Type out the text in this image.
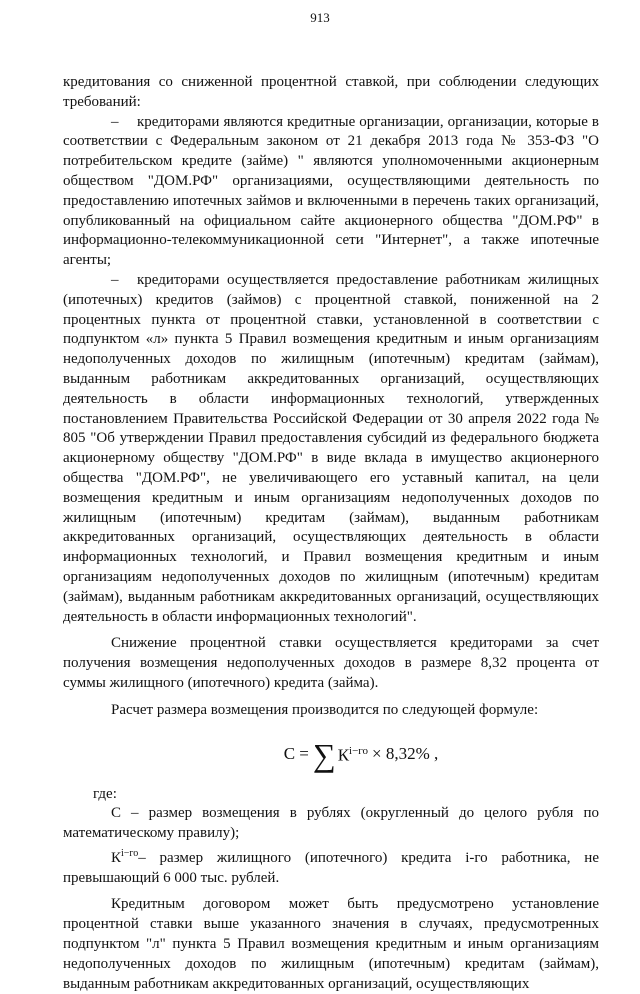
913

кредитования со сниженной процентной ставкой, при соблюдении следующих требований:

– кредиторами являются кредитные организации, организации, которые в соответствии с Федеральным законом от 21 декабря 2013 года № 353-ФЗ "О потребительском кредите (займе) " являются уполномоченными акционерным обществом "ДОМ.РФ" организациями, осуществляющими деятельность по предоставлению ипотечных займов и включенными в перечень таких организаций, опубликованный на официальном сайте акционерного общества "ДОМ.РФ" в информационно-телекоммуникационной сети "Интернет", а также ипотечные агенты;

– кредиторами осуществляется предоставление работникам жилищных (ипотечных) кредитов (займов) с процентной ставкой, пониженной на 2 процентных пункта от процентной ставки, установленной в соответствии с подпунктом «л» пункта 5 Правил возмещения кредитным и иным организациям недополученных доходов по жилищным (ипотечным) кредитам (займам), выданным работникам аккредитованных организаций, осуществляющих деятельность в области информационных технологий, утвержденных постановлением Правительства Российской Федерации от 30 апреля 2022 года № 805 "Об утверждении Правил предоставления субсидий из федерального бюджета акционерному обществу "ДОМ.РФ" в виде вклада в имущество акционерного общества "ДОМ.РФ", не увеличивающего его уставный капитал, на цели возмещения кредитным и иным организациям недополученных доходов по жилищным (ипотечным) кредитам (займам), выданным работникам аккредитованных организаций, осуществляющих деятельность в области информационных технологий, и Правил возмещения кредитным и иным организациям недополученных доходов по жилищным (ипотечным) кредитам (займам), выданным работникам аккредитованных организаций, осуществляющих деятельность в области информационных технологий".

Снижение процентной ставки осуществляется кредиторами за счет получения возмещения недополученных доходов в размере 8,32 процента от суммы жилищного (ипотечного) кредита (займа).

Расчет размера возмещения производится по следующей формуле:

С = ∑ $К^{i-го} \times 8,32\%$ ,

где:

С – размер возмещения в рублях (округленный до целого рубля по математическому правилу);

$К^{i-го}-$ размер жилищного (ипотечного) кредита i-го работника, не превышающий 6 000 тыс. рублей.

Кредитным договором может быть предусмотрено установление процентной ставки выше указанного значения в случаях, предусмотренных подпунктом "л" пункта 5 Правил возмещения кредитным и иным организациям недополученных доходов по жилищным (ипотечным) кредитам (займам), выданным работникам аккредитованных организаций, осуществляющих
